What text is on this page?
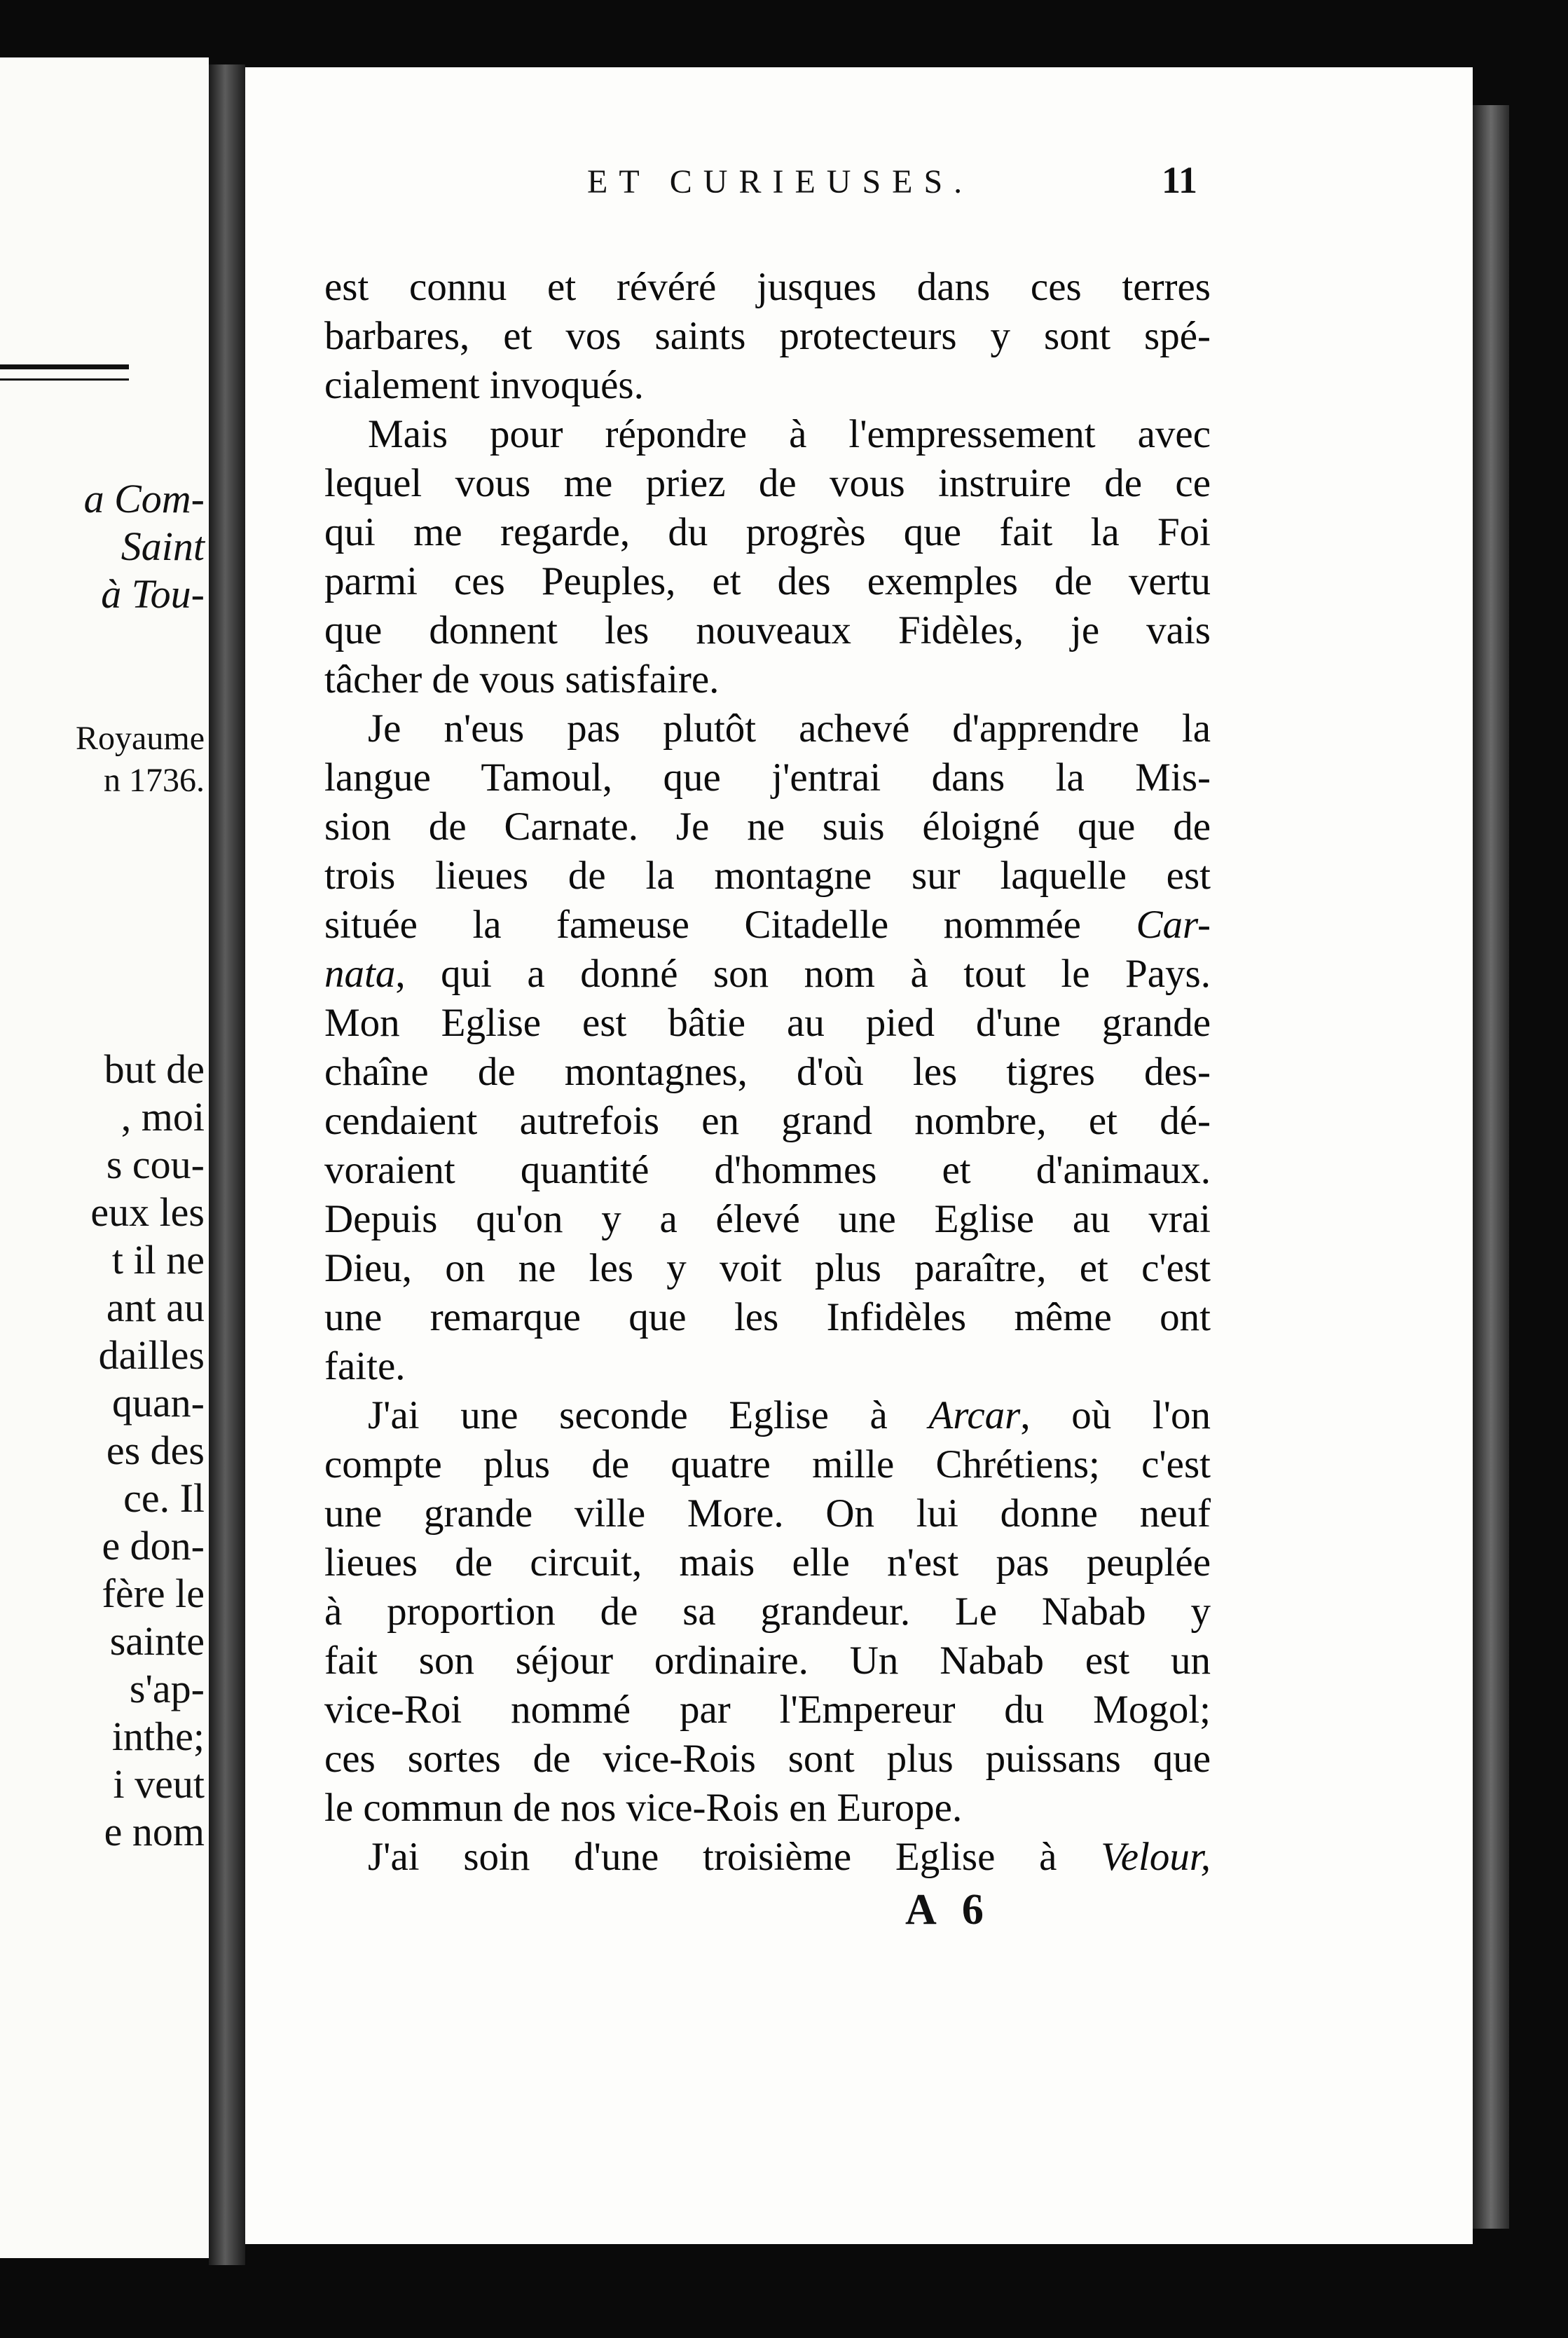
a Com-

Saint

à Tou-

Royaume

n 1736.

but de

, moi

s cou-

eux les

t il ne

ant au

dailles

quan-

es des

ce. Il

e don-

fère le

sainte

s'ap-

inthe;

i veut

e nom

ET CURIEUSES.	11

est connu et révéré jusques dans ces terres
barbares, et vos saints protecteurs y sont spé-
cialement invoqués.
Mais pour répondre à l'empressement avec
lequel vous me priez de vous instruire de ce
qui me regarde, du progrès que fait la Foi
parmi ces Peuples, et des exemples de vertu
que donnent les nouveaux Fidèles, je vais
tâcher de vous satisfaire.
Je n'eus pas plutôt achevé d'apprendre la
langue Tamoul, que j'entrai dans la Mis-
sion de Carnate. Je ne suis éloigné que de
trois lieues de la montagne sur laquelle est
située la fameuse Citadelle nommée Car-
nata, qui a donné son nom à tout le Pays.
Mon Eglise est bâtie au pied d'une grande
chaîne de montagnes, d'où les tigres des-
cendaient autrefois en grand nombre, et dé-
voraient quantité d'hommes et d'animaux.
Depuis qu'on y a élevé une Eglise au vrai
Dieu, on ne les y voit plus paraître, et c'est
une remarque que les Infidèles même ont
faite.
J'ai une seconde Eglise à Arcar, où l'on
compte plus de quatre mille Chrétiens; c'est
une grande ville More. On lui donne neuf
lieues de circuit, mais elle n'est pas peuplée
à proportion de sa grandeur. Le Nabab y
fait son séjour ordinaire. Un Nabab est un
vice-Roi nommé par l'Empereur du Mogol;
ces sortes de vice-Rois sont plus puissans que
le commun de nos vice-Rois en Europe.
J'ai soin d'une troisième Eglise à Velour,

A 6
